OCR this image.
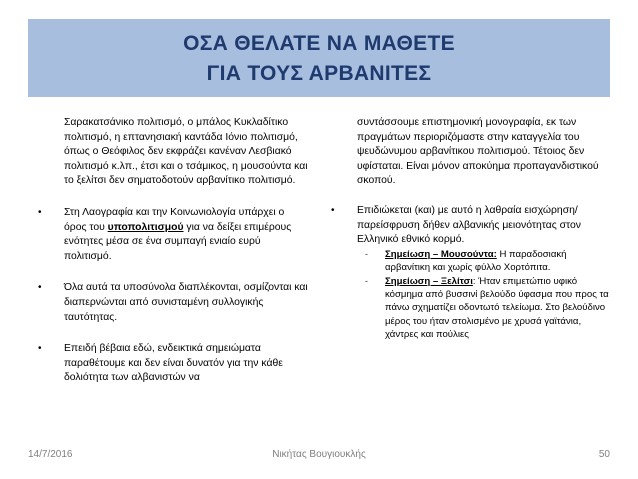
ΟΣΑ ΘΕΛΑΤΕ ΝΑ ΜΑΘΕΤΕ
ΓΙΑ ΤΟΥΣ ΑΡΒΑΝΙΤΕΣ

Σαρακατσάνικο πολιτισμό, ο μπάλος Κυκλαδίτικο πολιτισμό, η επτανησιακή καντάδα Ιόνιο πολιτισμό, όπως ο Θεόφιλος δεν εκφράζει κανέναν Λεσβιακό πολιτισμό κ.λπ., έτσι και ο τσάμικος, η μουσούντα και το ξελίτσι δεν σηματοδοτούν αρβανίτικο πολιτισμό.

• Στη Λαογραφία και την Κοινωνιολογία υπάρχει ο όρος του υποπολιτισμού για να δείξει επιμέρους ενότητες μέσα σε ένα συμπαγή ενιαίο ευρύ πολιτισμό.

• Όλα αυτά τα υποσύνολα διαπλέκονται, οσμίζονται και διαπερνώνται από συνισταμένη συλλογικής ταυτότητας.

• Επειδή βέβαια εδώ, ενδεικτικά σημειώματα παραθέτουμε και δεν είναι δυνατόν για την κάθε δολιότητα των αλβανιστών να

συντάσσουμε επιστημονική μονογραφία, εκ των πραγμάτων περιοριζόμαστε στην καταγγελία του ψευδώνυμου αρβανίτικου πολιτισμού. Τέτοιος δεν υφίσταται. Είναι μόνον αποκύημα προπαγανδιστικού σκοπού.

• Επιδιώκεται (και) με αυτό η λαθραία εισχώρηση/παρείσφρυση δήθεν αλβανικής μειονότητας στον Ελληνικό εθνικό κορμό.

- Σημείωση – Μουσούντα: Η παραδοσιακή αρβανίτικη και χωρίς φύλλο Χορτόπιτα.

- Σημείωση – Ξελίτσι: Ήταν επιμετώπιο υφικό κόσμημα από βυσσινί βελούδο ύφασμα που προς τα πάνω σχηματίζει οδοντωτό τελείωμα. Στο βελούδινο μέρος του ήταν στολισμένο με χρυσά γαϊτάνια, χάντρες και πούλιες

14/7/2016	Νικήτας Βουγιουκλής	50
